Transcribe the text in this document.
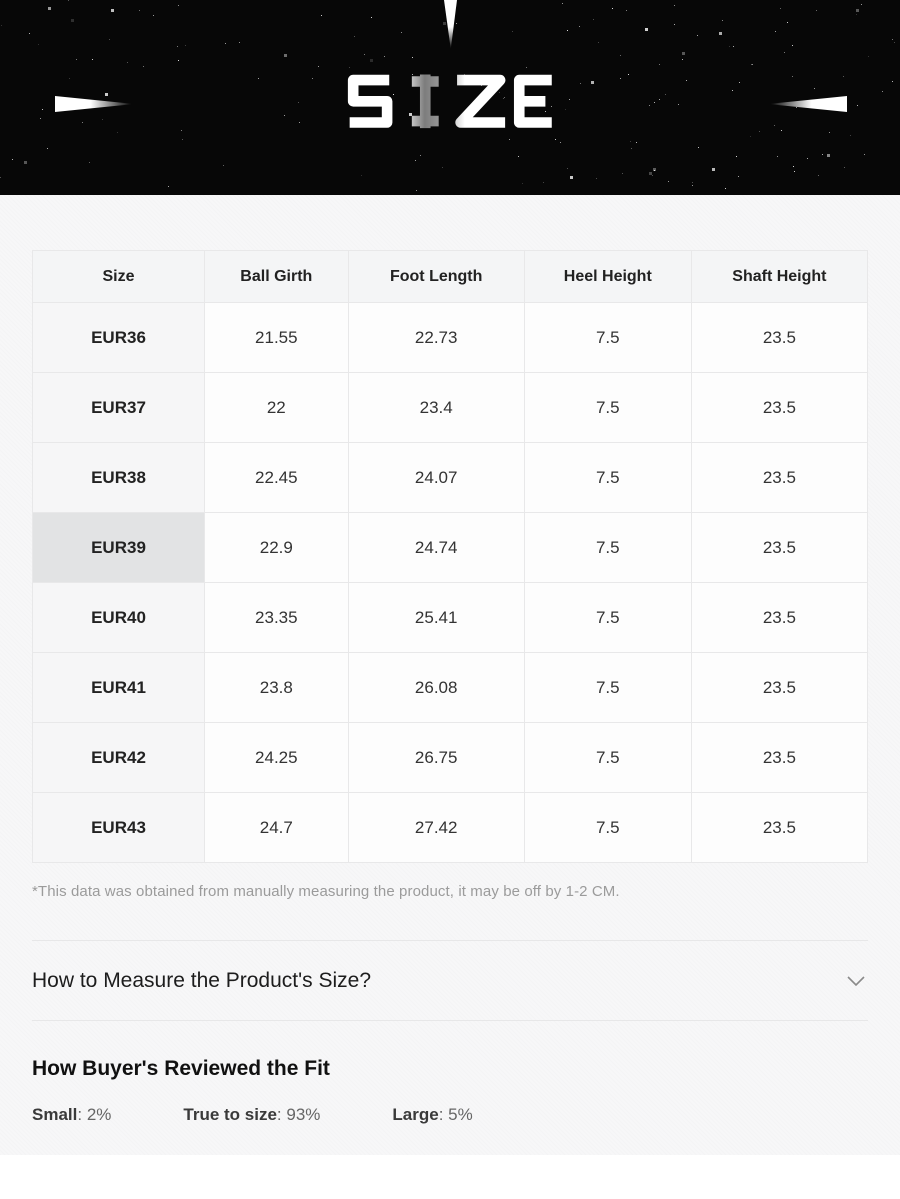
Size	Ball Girth	Foot Length	Heel Height	Shaft Height
EUR36	21.55	22.73	7.5	23.5
EUR37	22	23.4	7.5	23.5
EUR38	22.45	24.07	7.5	23.5
EUR39	22.9	24.74	7.5	23.5
EUR40	23.35	25.41	7.5	23.5
EUR41	23.8	26.08	7.5	23.5
EUR42	24.25	26.75	7.5	23.5
EUR43	24.7	27.42	7.5	23.5
*This data was obtained from manually measuring the product, it may be off by 1-2 CM.
How to Measure the Product's Size?
How Buyer's Reviewed the Fit
Small: 2%	True to size: 93%	Large: 5%
